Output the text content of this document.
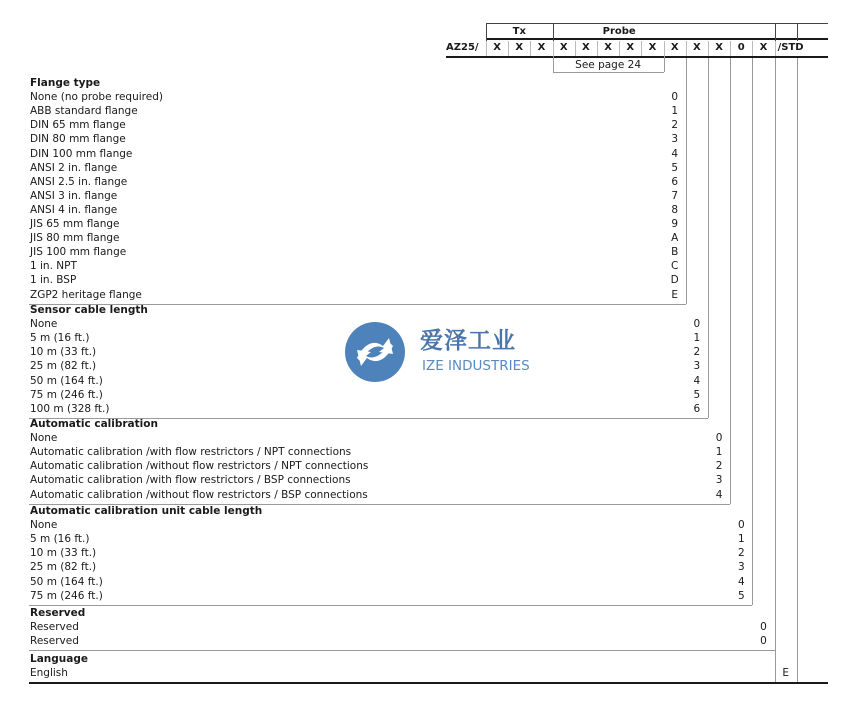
Tx	Probe
AZ25/	X	X	X	X	X	X	X	X	X	X	X	0	X	/STD
See page 24
Flange type
None (no probe required)	0
ABB standard flange	1
DIN 65 mm flange	2
DIN 80 mm flange	3
DIN 100 mm flange	4
ANSI 2 in. flange	5
ANSI 2.5 in. flange	6
ANSI 3 in. flange	7
ANSI 4 in. flange	8
JIS 65 mm flange	9
JIS 80 mm flange	A
JIS 100 mm flange	B
1 in. NPT	C
1 in. BSP	D
ZGP2 heritage flange	E
Sensor cable length
None	0
5 m (16 ft.)	1
10 m (33 ft.)	2
25 m (82 ft.)	3
50 m (164 ft.)	4
75 m (246 ft.)	5
100 m (328 ft.)	6
Automatic calibration
None	0
Automatic calibration /with flow restrictors / NPT connections	1
Automatic calibration /without flow restrictors / NPT connections	2
Automatic calibration /with flow restrictors / BSP connections	3
Automatic calibration /without flow restrictors / BSP connections	4
Automatic calibration unit cable length
None	0
5 m (16 ft.)	1
10 m (33 ft.)	2
25 m (82 ft.)	3
50 m (164 ft.)	4
75 m (246 ft.)	5
Reserved
Reserved	0
Reserved	0
Language
English	E
爱泽工业
IZE INDUSTRIES
